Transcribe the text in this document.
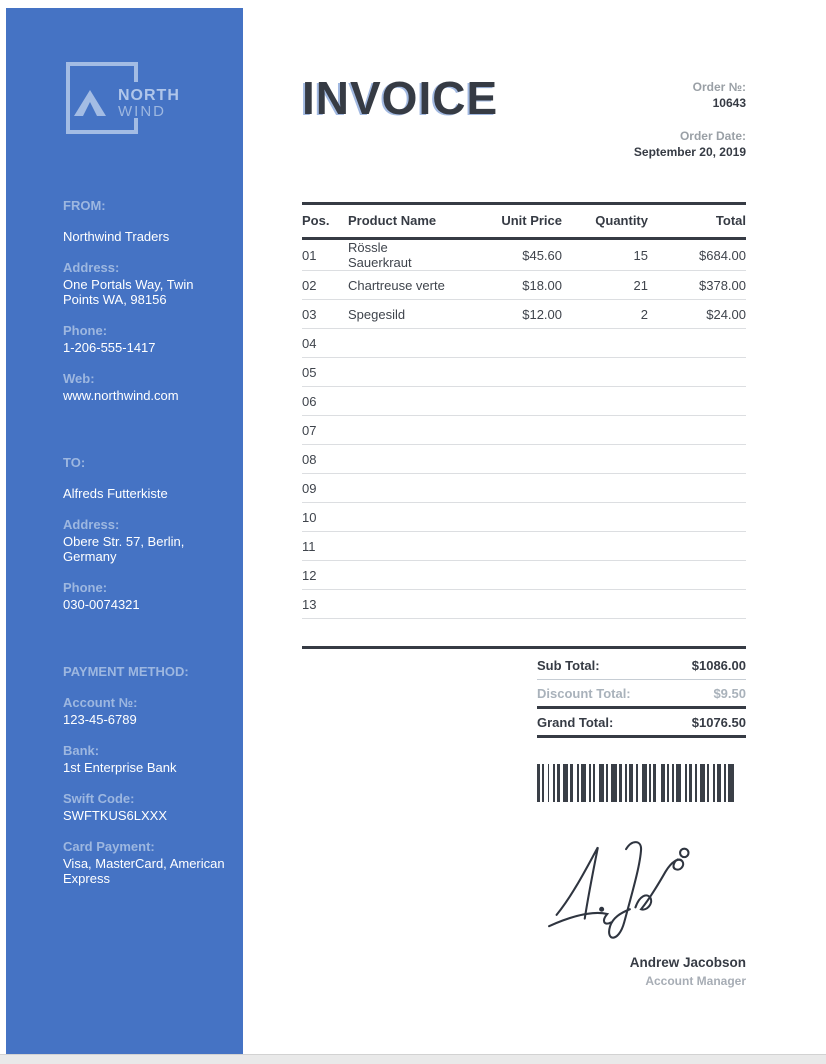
NORTH
WIND
FROM:
Northwind Traders
Address:
One Portals Way, Twin Points WA, 98156
Phone:
1-206-555-1417
Web:
www.northwind.com
TO:
Alfreds Futterkiste
Address:
Obere Str. 57, Berlin, Germany
Phone:
030-0074321
PAYMENT METHOD:
Account №:
123-45-6789
Bank:
1st Enterprise Bank
Swift Code:
SWFTKUS6LXXX
Card Payment:
Visa, MasterCard, American Express
INVOICE	Order №:
10643
Order Date:
September 20, 2019
Pos.	Product Name	Unit Price	Quantity	Total
01	Rössle Sauerkraut	$45.60	15	$684.00
02	Chartreuse verte	$18.00	21	$378.00
03	Spegesild	$12.00	2	$24.00
04				
05				
06				
07				
08				
09				
10				
11				
12				
13				
Sub Total:	$1086.00
Discount Total:	$9.50
Grand Total:	$1076.50
Andrew Jacobson
Account Manager
